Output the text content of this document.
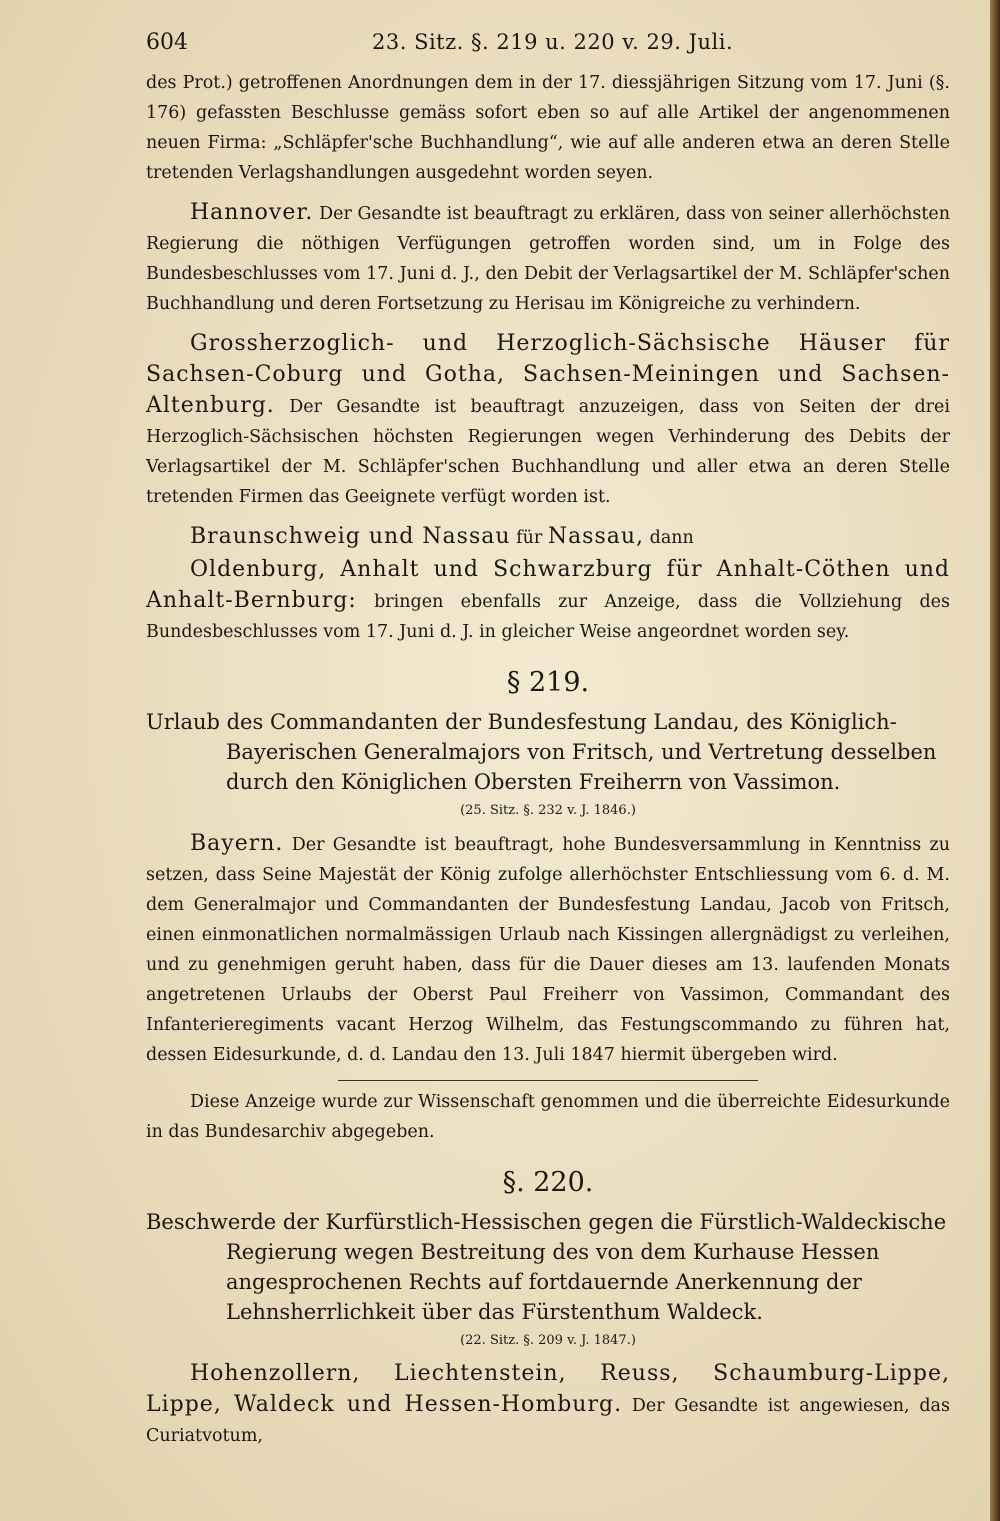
604	23. Sitz. §. 219 u. 220 v. 29. Juli.

des Prot.) getroffenen Anordnungen dem in der 17. diessjährigen Sitzung vom 17. Juni (§. 176) gefassten Beschlusse gemäss sofort eben so auf alle Artikel der angenommenen neuen Firma: „Schläpfer'sche Buchhandlung“, wie auf alle anderen etwa an deren Stelle tretenden Verlagshandlungen ausgedehnt worden seyen.

Hannover. Der Gesandte ist beauftragt zu erklären, dass von seiner allerhöchsten Regierung die nöthigen Verfügungen getroffen worden sind, um in Folge des Bundesbeschlusses vom 17. Juni d. J., den Debit der Verlagsartikel der M. Schläpfer'schen Buchhandlung und deren Fortsetzung zu Herisau im Königreiche zu verhindern.

Grossherzoglich- und Herzoglich-Sächsische Häuser für Sachsen-Coburg und Gotha, Sachsen-Meiningen und Sachsen-Altenburg. Der Gesandte ist beauftragt anzuzeigen, dass von Seiten der drei Herzoglich-Sächsischen höchsten Regierungen wegen Verhinderung des Debits der Verlagsartikel der M. Schläpfer'schen Buchhandlung und aller etwa an deren Stelle tretenden Firmen das Geeignete verfügt worden ist.

Braunschweig und Nassau für Nassau, dann

Oldenburg, Anhalt und Schwarzburg für Anhalt-Cöthen und Anhalt-Bernburg: bringen ebenfalls zur Anzeige, dass die Vollziehung des Bundesbeschlusses vom 17. Juni d. J. in gleicher Weise angeordnet worden sey.

§ 219.

Urlaub des Commandanten der Bundesfestung Landau, des Königlich-Bayerischen Generalmajors von Fritsch, und Vertretung desselben durch den Königlichen Obersten Freiherrn von Vassimon.

(25. Sitz. §. 232 v. J. 1846.)

Bayern. Der Gesandte ist beauftragt, hohe Bundesversammlung in Kenntniss zu setzen, dass Seine Majestät der König zufolge allerhöchster Entschliessung vom 6. d. M. dem Generalmajor und Commandanten der Bundesfestung Landau, Jacob von Fritsch, einen einmonatlichen normalmässigen Urlaub nach Kissingen allergnädigst zu verleihen, und zu genehmigen geruht haben, dass für die Dauer dieses am 13. laufenden Monats angetretenen Urlaubs der Oberst Paul Freiherr von Vassimon, Commandant des Infanterieregiments vacant Herzog Wilhelm, das Festungscommando zu führen hat, dessen Eidesurkunde, d. d. Landau den 13. Juli 1847 hiermit übergeben wird.

Diese Anzeige wurde zur Wissenschaft genommen und die überreichte Eidesurkunde in das Bundesarchiv abgegeben.

§. 220.

Beschwerde der Kurfürstlich-Hessischen gegen die Fürstlich-Waldeckische Regierung wegen Bestreitung des von dem Kurhause Hessen angesprochenen Rechts auf fortdauernde Anerkennung der Lehnsherrlichkeit über das Fürstenthum Waldeck.

(22. Sitz. §. 209 v. J. 1847.)

Hohenzollern, Liechtenstein, Reuss, Schaumburg-Lippe, Lippe, Waldeck und Hessen-Homburg. Der Gesandte ist angewiesen, das Curiatvotum,
